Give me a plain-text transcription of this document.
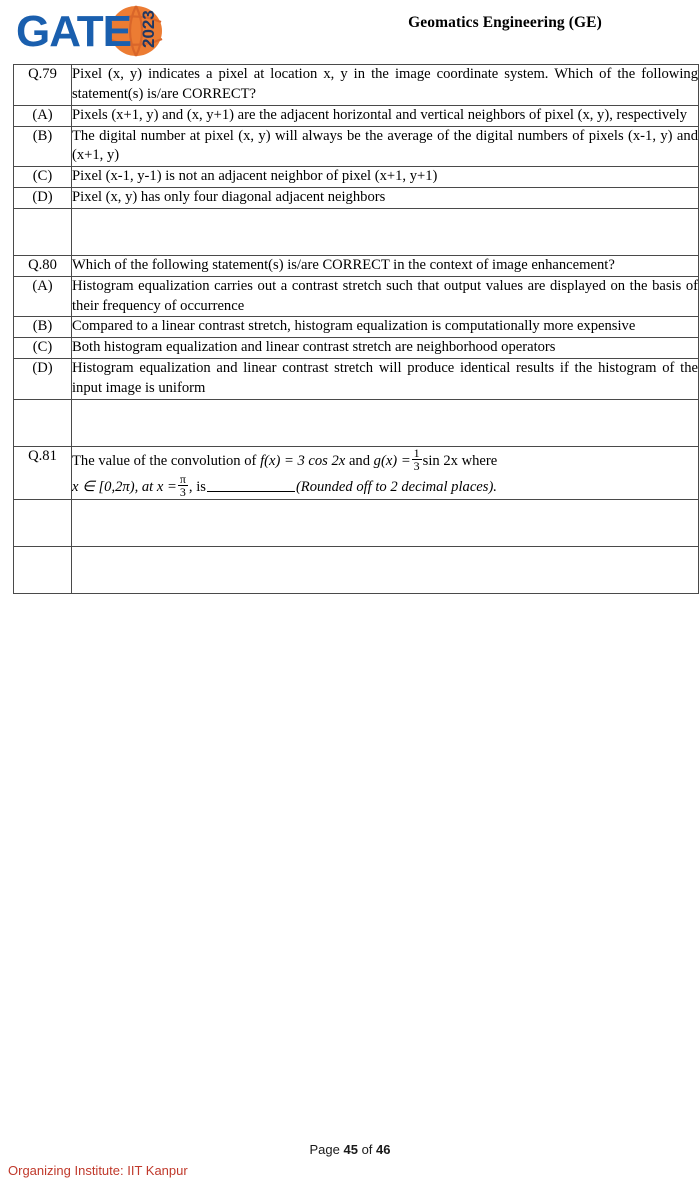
GATE 2023	Geomatics Engineering (GE)
Q.79	Pixel (x, y) indicates a pixel at location x, y in the image coordinate system. Which of the following statement(s) is/are CORRECT?
(A)	Pixels (x+1, y) and (x, y+1) are the adjacent horizontal and vertical neighbors of pixel (x, y), respectively
(B)	The digital number at pixel (x, y) will always be the average of the digital numbers of pixels (x-1, y) and (x+1, y)
(C)	Pixel (x-1, y-1) is not an adjacent neighbor of pixel (x+1, y+1)
(D)	Pixel (x, y) has only four diagonal adjacent neighbors

Q.80	Which of the following statement(s) is/are CORRECT in the context of image enhancement?
(A)	Histogram equalization carries out a contrast stretch such that output values are displayed on the basis of their frequency of occurrence
(B)	Compared to a linear contrast stretch, histogram equalization is computationally more expensive
(C)	Both histogram equalization and linear contrast stretch are neighborhood operators
(D)	Histogram equalization and linear contrast stretch will produce identical results if the histogram of the input image is uniform

Q.81	The value of the convolution of f(x) = 3 cos 2x and $g(x) = \frac{1}{3}$ sin 2x where
x ∈ [0,2π), at $x = \frac{\pi}{3}$ , is	(Rounded off to 2 decimal places).

Page 45 of 46
Organizing Institute: IIT Kanpur
